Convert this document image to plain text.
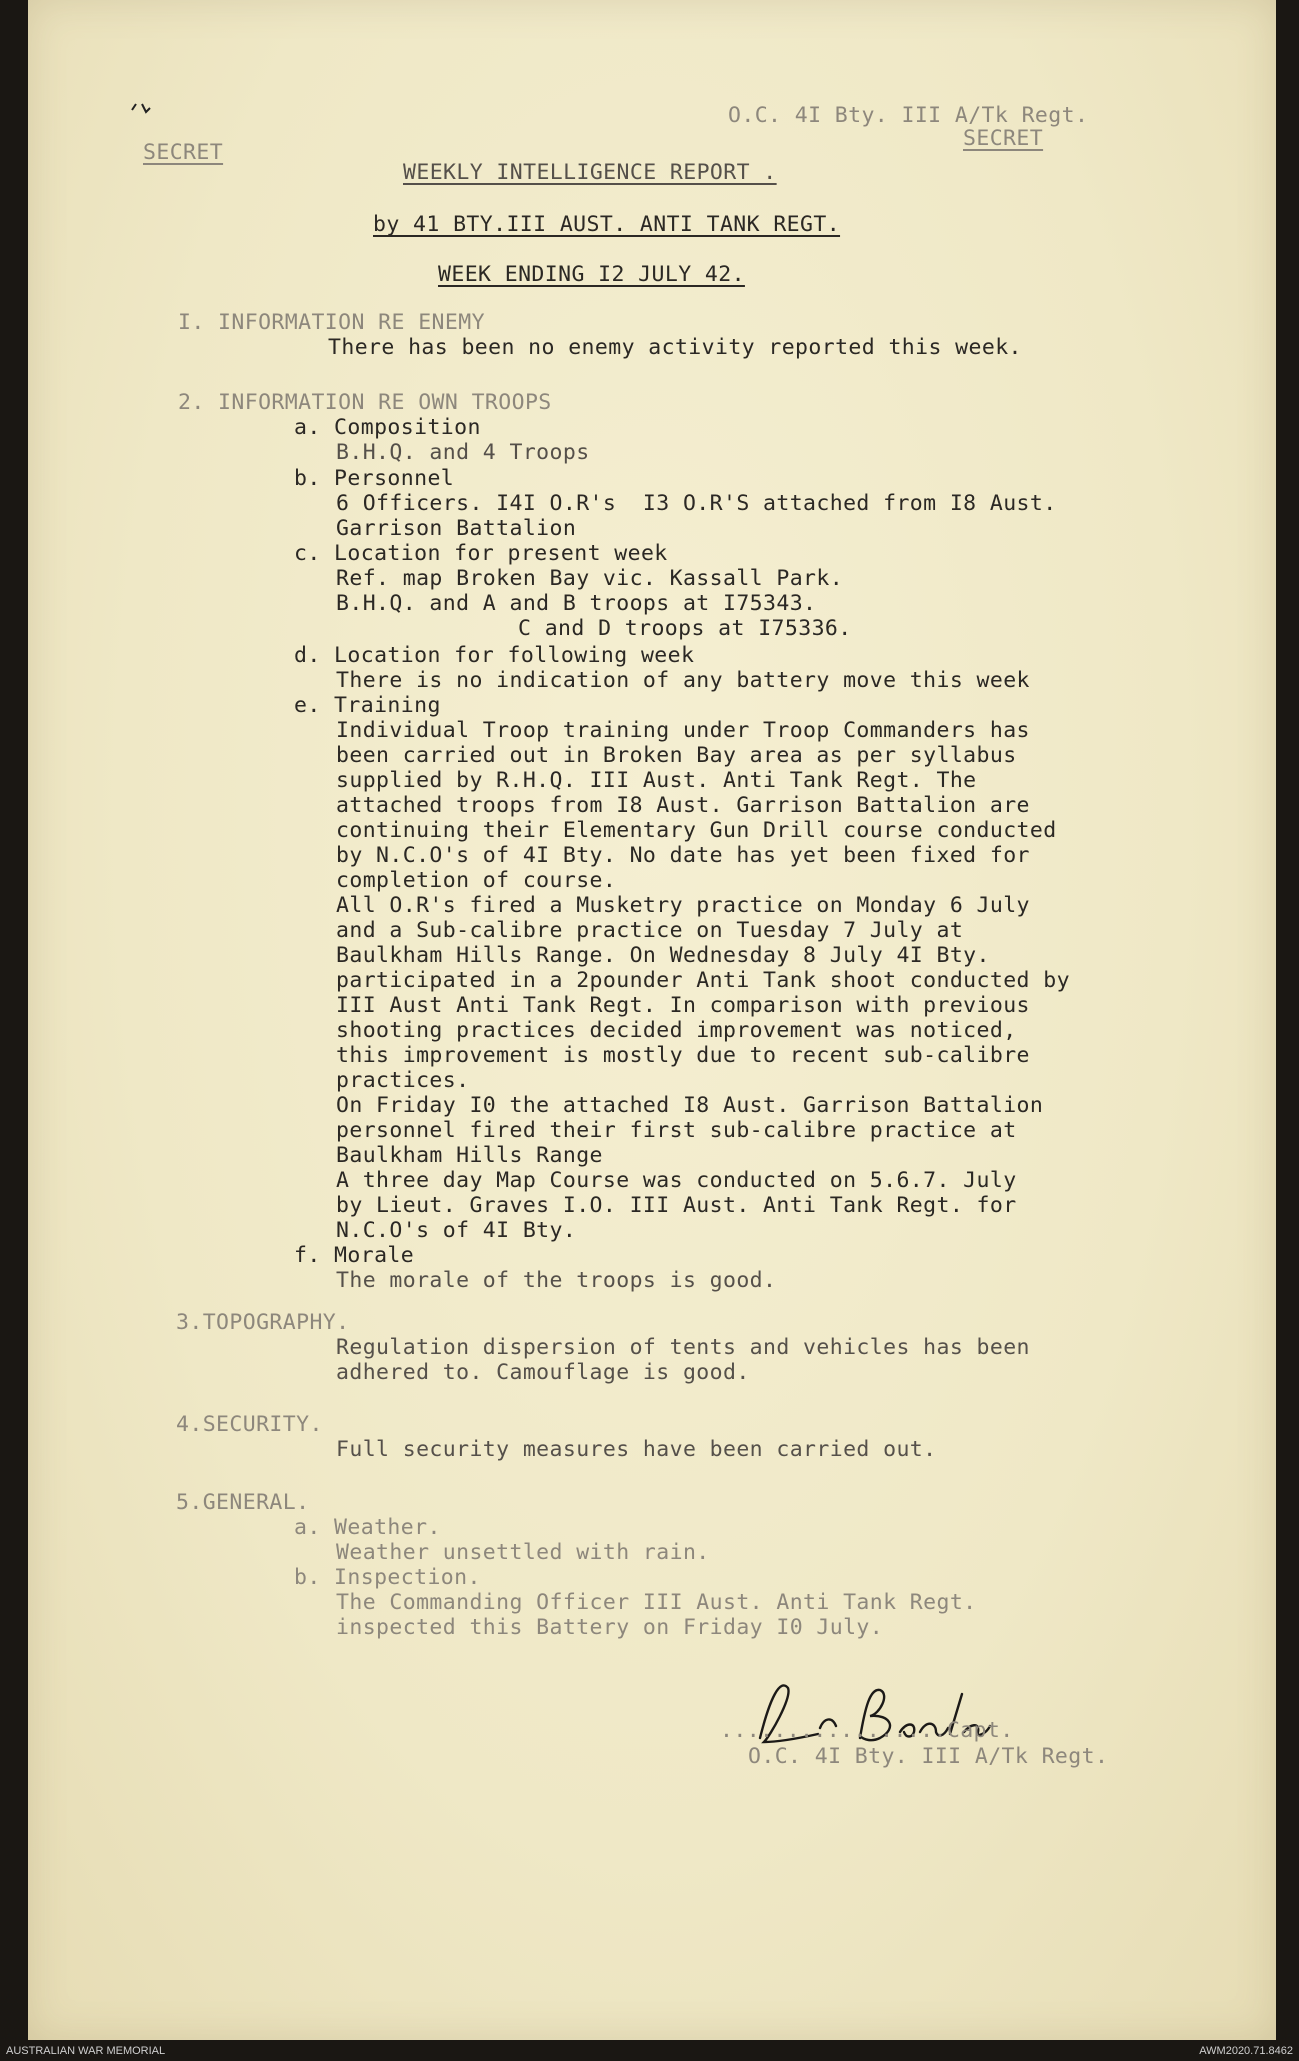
O.C. 4I Bty. III A/Tk Regt.
SECRET
SECRET
WEEKLY INTELLIGENCE REPORT .
by 41 BTY.III AUST. ANTI TANK REGT.
WEEK ENDING I2 JULY 42.
I. INFORMATION RE ENEMY
There has been no enemy activity reported this week.
2. INFORMATION RE OWN TROOPS
a. Composition
B.H.Q. and 4 Troops
b. Personnel
6 Officers. I4I O.R's  I3 O.R'S attached from I8 Aust.
Garrison Battalion
c. Location for present week
Ref. map Broken Bay vic. Kassall Park.
B.H.Q. and A and B troops at I75343.
C and D troops at I75336.
d. Location for following week
There is no indication of any battery move this week
e. Training
Individual Troop training under Troop Commanders has
been carried out in Broken Bay area as per syllabus
supplied by R.H.Q. III Aust. Anti Tank Regt. The
attached troops from I8 Aust. Garrison Battalion are
continuing their Elementary Gun Drill course conducted
by N.C.O's of 4I Bty. No date has yet been fixed for
completion of course.
All O.R's fired a Musketry practice on Monday 6 July
and a Sub-calibre practice on Tuesday 7 July at
Baulkham Hills Range. On Wednesday 8 July 4I Bty.
participated in a 2pounder Anti Tank shoot conducted by
III Aust Anti Tank Regt. In comparison with previous
shooting practices decided improvement was noticed,
this improvement is mostly due to recent sub-calibre
practices.
On Friday I0 the attached I8 Aust. Garrison Battalion
personnel fired their first sub-calibre practice at
Baulkham Hills Range
A three day Map Course was conducted on 5.6.7. July
by Lieut. Graves I.O. III Aust. Anti Tank Regt. for
N.C.O's of 4I Bty.
f. Morale
The morale of the troops is good.
3.TOPOGRAPHY.
Regulation dispersion of tents and vehicles has been
adhered to. Camouflage is good.
4.SECURITY.
Full security measures have been carried out.
5.GENERAL.
a. Weather.
Weather unsettled with rain.
b. Inspection.
The Commanding Officer III Aust. Anti Tank Regt.
inspected this Battery on Friday I0 July.
.................Capt.
O.C. 4I Bty. III A/Tk Regt.
AUSTRALIAN WAR MEMORIAL	AWM2020.71.8462
